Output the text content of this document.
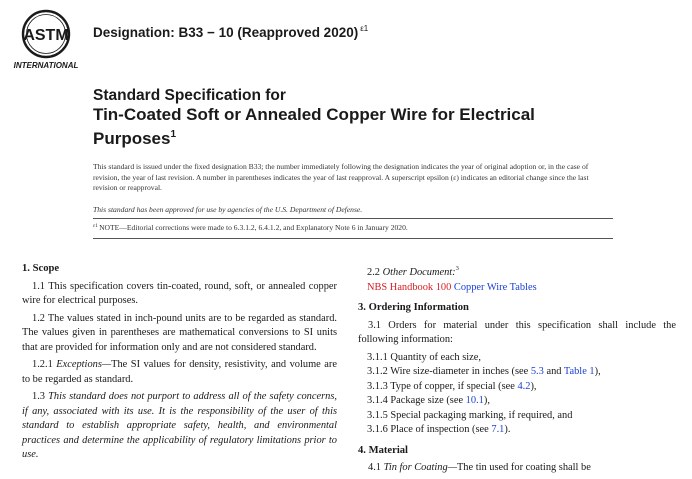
ASTM
INTERNATIONAL
Designation: B33 − 10 (Reapproved 2020) $^{\varepsilon 1}$
Standard Specification for
Tin-Coated Soft or Annealed Copper Wire for Electrical
Purposes$^1$
This standard is issued under the fixed designation B33; the number immediately following the designation indicates the year of original adoption or, in the case of revision, the year of last revision. A number in parentheses indicates the year of last reapproval. A superscript epsilon (ε) indicates an editorial change since the last revision or reapproval.
This standard has been approved for use by agencies of the U.S. Department of Defense.
$^{\varepsilon 1}$NOTE—Editorial corrections were made to 6.3.1.2, 6.4.1.2, and Explanatory Note 6 in January 2020.
1. Scope

1.1 This specification covers tin-coated, round, soft, or annealed copper wire for electrical purposes.

1.2 The values stated in inch-pound units are to be regarded as standard. The values given in parentheses are mathematical conversions to SI units that are provided for information only and are not considered standard.

1.2.1 Exceptions—The SI values for density, resistivity, and volume are to be regarded as standard.

1.3 This standard does not purport to address all of the safety concerns, if any, associated with its use. It is the responsibility of the user of this standard to establish appropriate safety, health, and environmental practices and determine the applicability of regulatory limitations prior to use.

2.2 Other Document:$^3$

NBS Handbook 100 Copper Wire Tables

3. Ordering Information

3.1 Orders for material under this specification shall include the following information:

3.1.1 Quantity of each size,

3.1.2 Wire size-diameter in inches (see 5.3 and Table 1),

3.1.3 Type of copper, if special (see 4.2),

3.1.4 Package size (see 10.1),

3.1.5 Special packaging marking, if required, and

3.1.6 Place of inspection (see 7.1).

4. Material

4.1 Tin for Coating—The tin used for coating shall be
